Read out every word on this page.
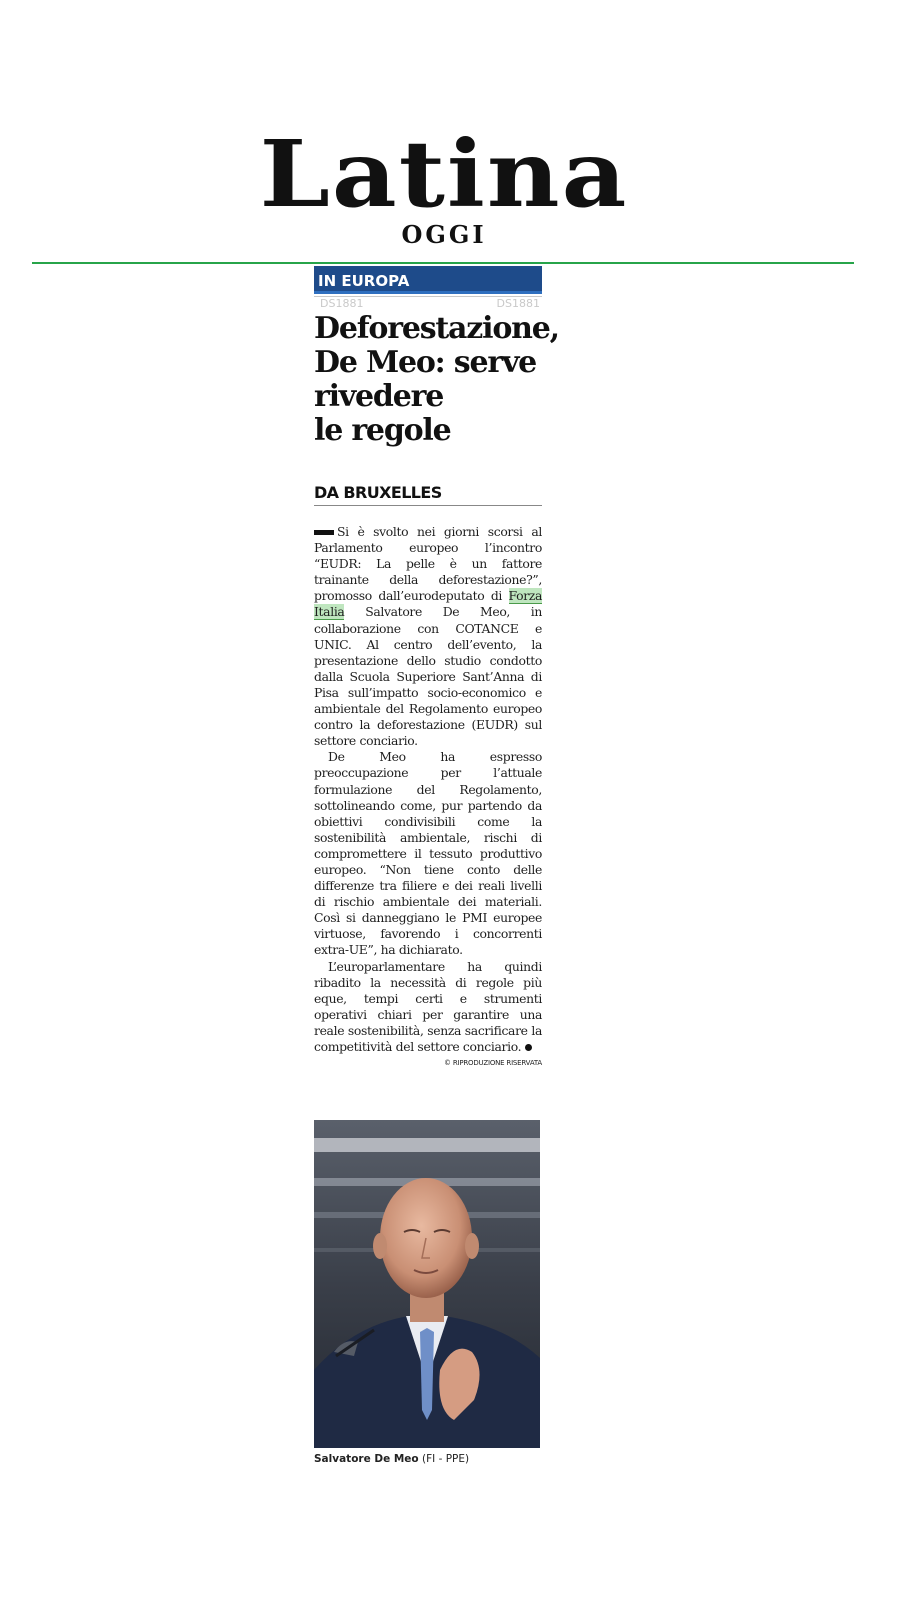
Latina
OGGI
IN EUROPA
DS1881	DS1881
Deforestazione,
De Meo: serve
rivedere
le regole
DA BRUXELLES

Si è svolto nei giorni scorsi al Parlamento europeo l’incontro “EUDR: La pelle è un fattore trainante della deforestazione?”, promosso dall’eurodeputato di Forza Italia Salvatore De Meo, in collaborazione con COTANCE e UNIC. Al centro dell’evento, la presentazione dello studio condotto dalla Scuola Superiore Sant’Anna di Pisa sull’impatto socio-economico e ambientale del Regolamento europeo contro la deforestazione (EUDR) sul settore conciario.

De Meo ha espresso preoccupazione per l’attuale formulazione del Regolamento, sottolineando come, pur partendo da obiettivi condivisibili come la sostenibilità ambientale, rischi di compromettere il tessuto produttivo europeo. “Non tiene conto delle differenze tra filiere e dei reali livelli di rischio ambientale dei materiali. Così si danneggiano le PMI europee virtuose, favorendo i concorrenti extra-UE”, ha dichiarato.

L’europarlamentare ha quindi ribadito la necessità di regole più eque, tempi certi e strumenti operativi chiari per garantire una reale sostenibilità, senza sacrificare la competitività del settore conciario.

© RIPRODUZIONE RISERVATA
Salvatore De Meo (FI - PPE)
